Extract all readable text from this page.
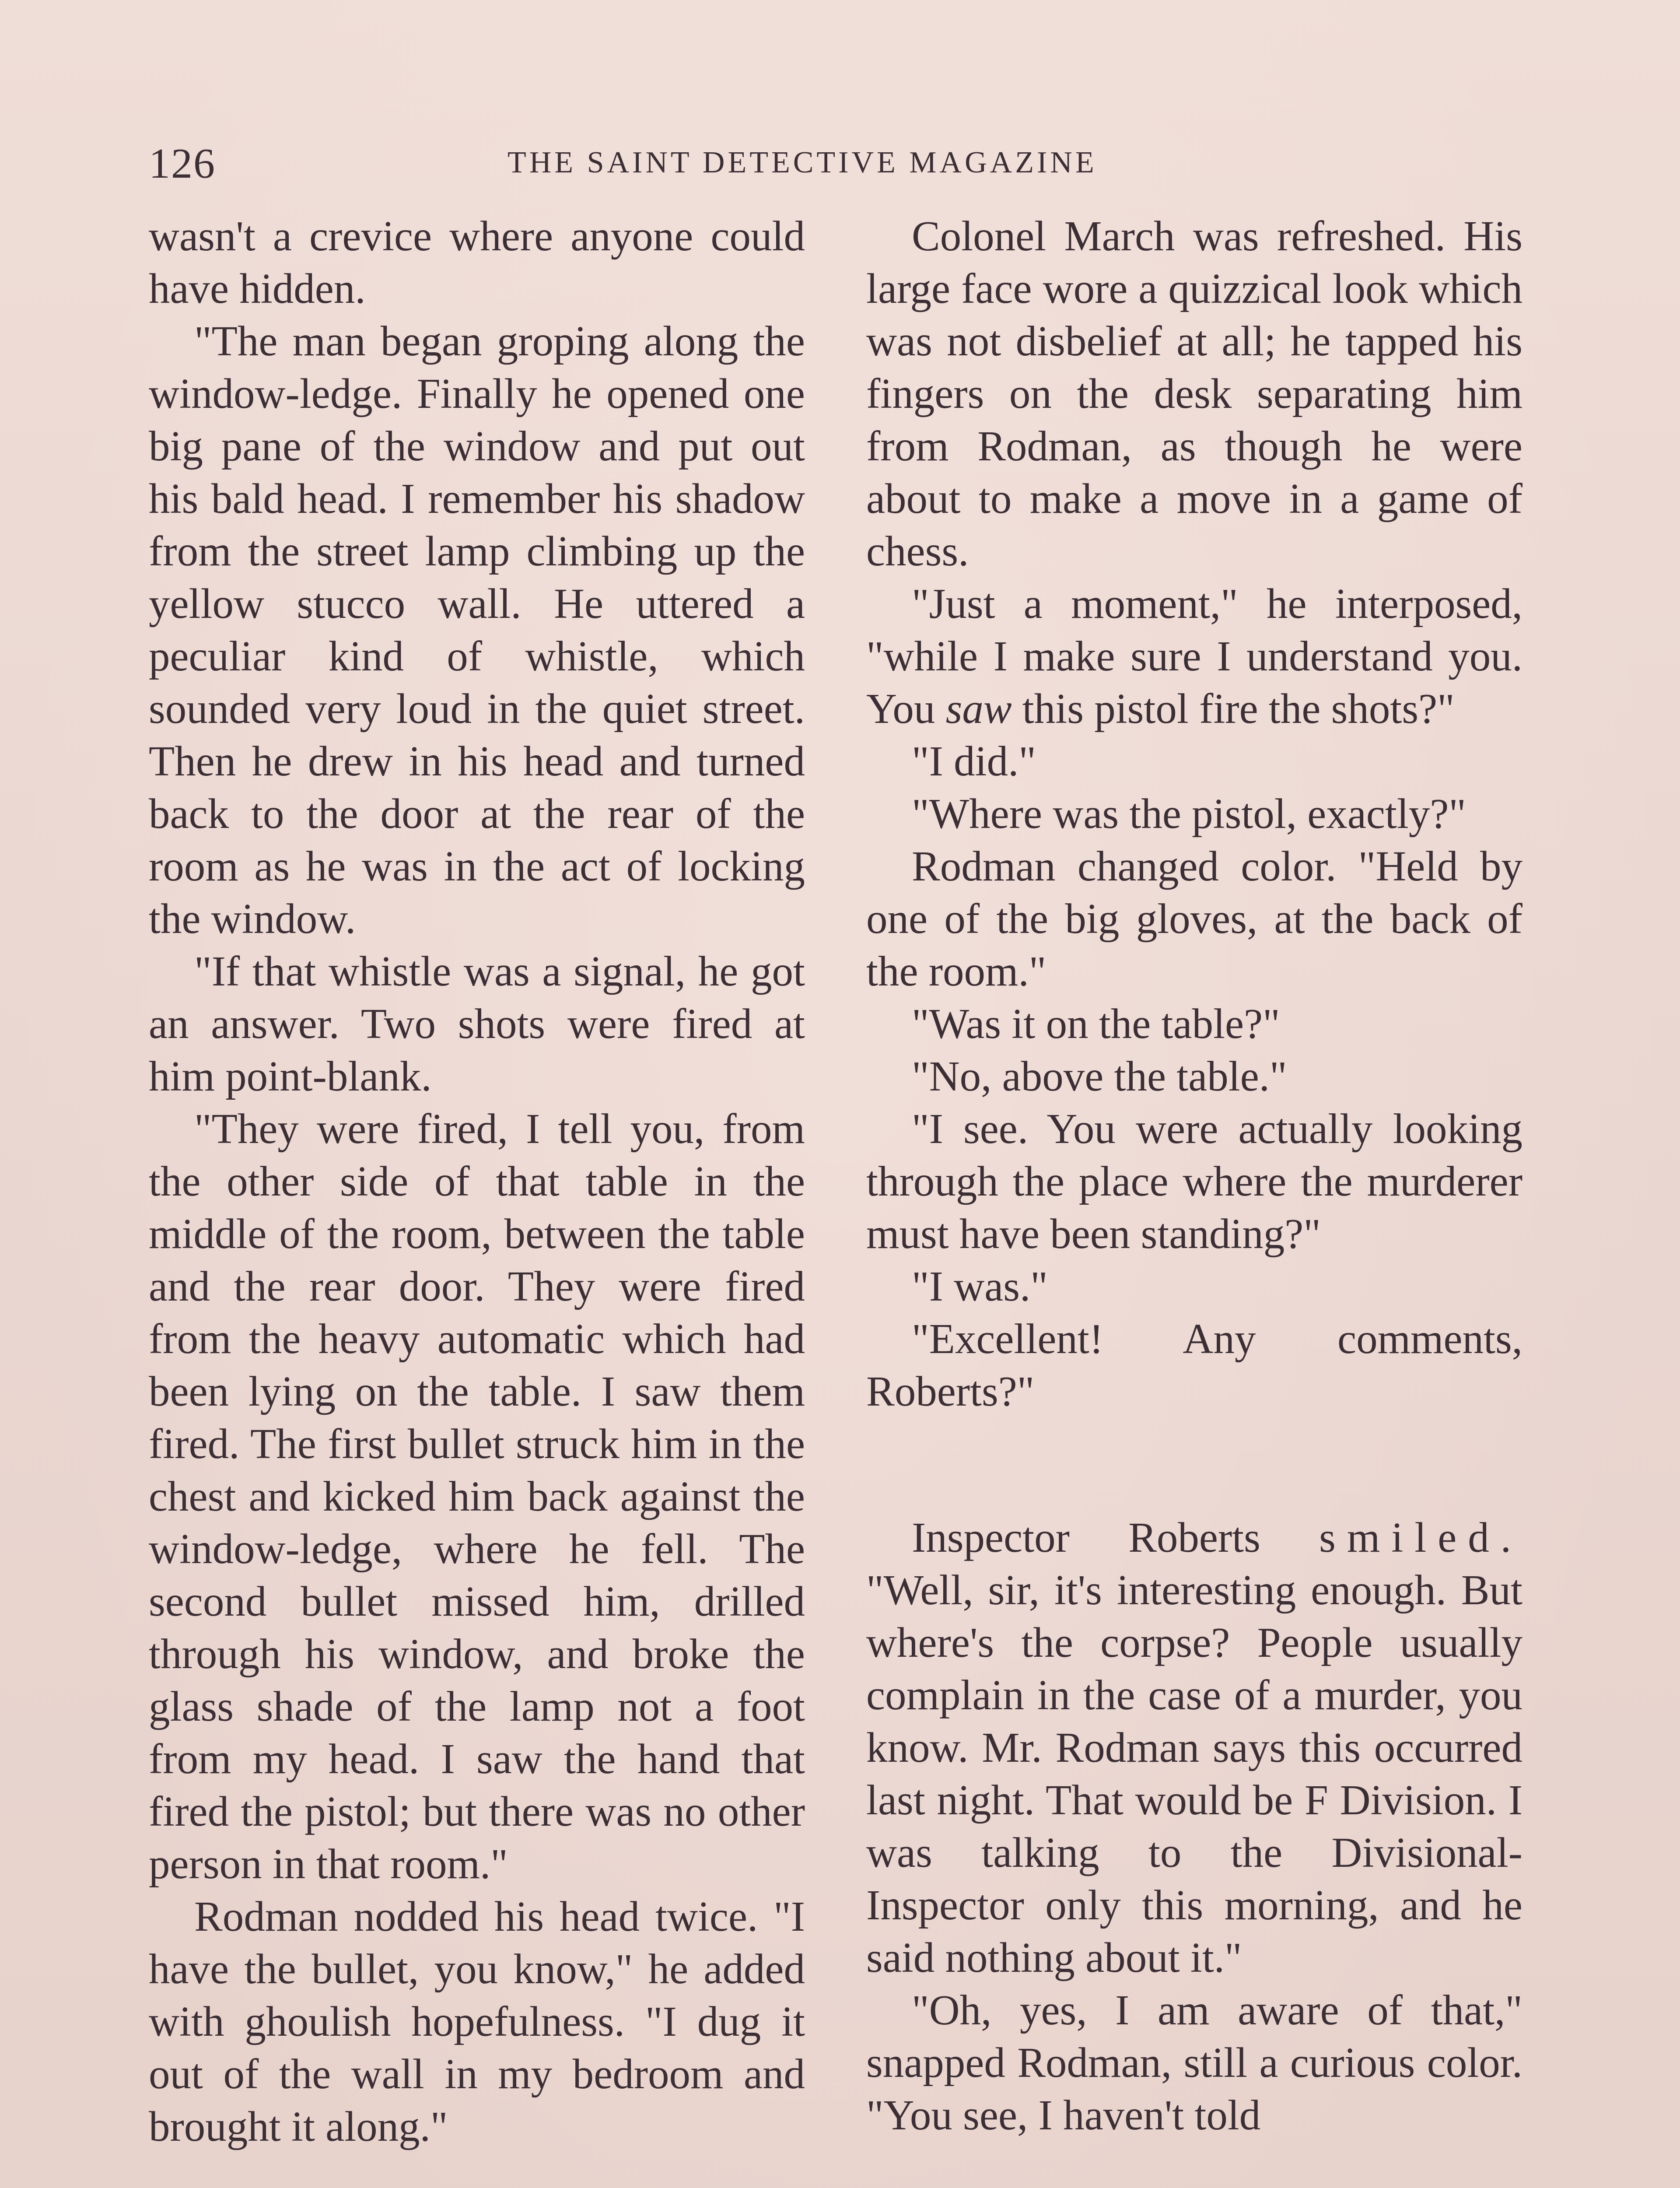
126	THE SAINT DETECTIVE MAGAZINE

wasn't a crevice where anyone could have hidden.

"The man began groping along the window-ledge. Finally he opened one big pane of the window and put out his bald head. I remember his shadow from the street lamp climbing up the yellow stucco wall. He uttered a peculiar kind of whistle, which sounded very loud in the quiet street. Then he drew in his head and turned back to the door at the rear of the room as he was in the act of locking the window.

"If that whistle was a signal, he got an answer. Two shots were fired at him point-blank.

"They were fired, I tell you, from the other side of that table in the middle of the room, between the table and the rear door. They were fired from the heavy automatic which had been lying on the table. I saw them fired. The first bullet struck him in the chest and kicked him back against the window-ledge, where he fell. The second bullet missed him, drilled through his window, and broke the glass shade of the lamp not a foot from my head. I saw the hand that fired the pistol; but there was no other person in that room."

Rodman nodded his head twice. "I have the bullet, you know," he added with ghoulish hopefulness. "I dug it out of the wall in my bedroom and brought it along."

Colonel March was refreshed. His large face wore a quizzical look which was not disbelief at all; he tapped his fingers on the desk separating him from Rodman, as though he were about to make a move in a game of chess.

"Just a moment," he interposed, "while I make sure I understand you. You saw this pistol fire the shots?"

"I did."

"Where was the pistol, exactly?"

Rodman changed color. "Held by one of the big gloves, at the back of the room."

"Was it on the table?"

"No, above the table."

"I see. You were actually looking through the place where the murderer must have been standing?"

"I was."

"Excellent! Any comments, Roberts?"

Inspector Roberts smiled. "Well, sir, it's interesting enough. But where's the corpse? People usually complain in the case of a murder, you know. Mr. Rodman says this occurred last night. That would be F Division. I was talking to the Divisional-Inspector only this morning, and he said nothing about it."

"Oh, yes, I am aware of that," snapped Rodman, still a curious color. "You see, I haven't told
